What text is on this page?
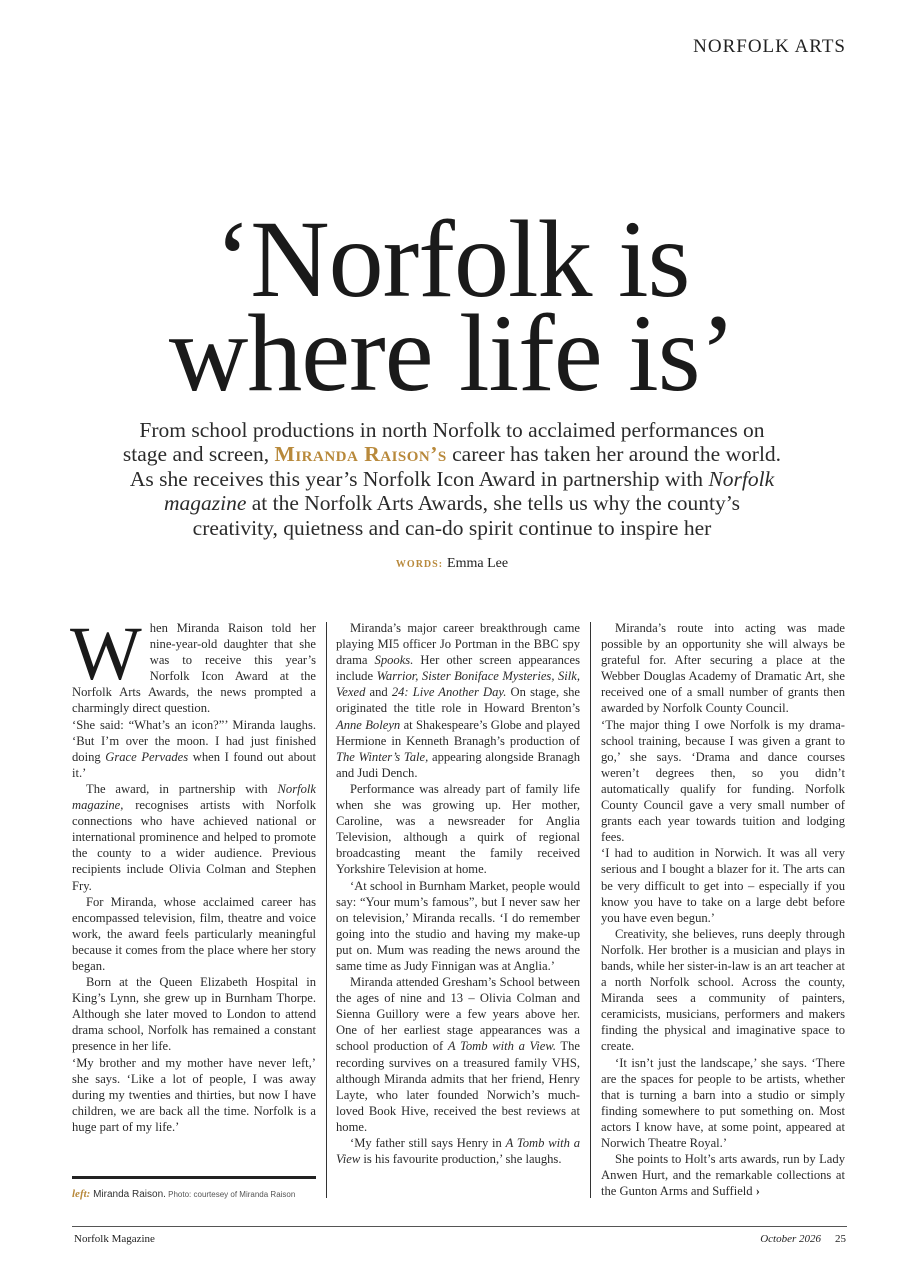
NORFOLK ARTS
‘Norfolk is
where life is’

From school productions in north Norfolk to acclaimed performances on stage and screen, Miranda Raison’s career has taken her around the world. As she receives this year’s Norfolk Icon Award in partnership with Norfolk magazine at the Norfolk Arts Awards, she tells us why the county’s creativity, quietness and can-do spirit continue to inspire her

WORDS: Emma Lee

When Miranda Raison told her nine-year-old daughter that she was to receive this year’s Norfolk Icon Award at the Norfolk Arts Awards, the news prompted a charmingly direct question.

‘She said: “What’s an icon?”’ Miranda laughs. ‘But I’m over the moon. I had just finished doing Grace Pervades when I found out about it.’

The award, in partnership with Norfolk magazine, recognises artists with Norfolk connections who have achieved national or international prominence and helped to promote the county to a wider audience. Previous recipients include Olivia Colman and Stephen Fry.

For Miranda, whose acclaimed career has encompassed television, film, theatre and voice work, the award feels particularly meaningful because it comes from the place where her story began.

Born at the Queen Elizabeth Hospital in King’s Lynn, she grew up in Burnham Thorpe. Although she later moved to London to attend drama school, Norfolk has remained a constant presence in her life.

‘My brother and my mother have never left,’ she says. ‘Like a lot of people, I was away during my twenties and thirties, but now I have children, we are back all the time. Norfolk is a huge part of my life.’

Miranda’s major career breakthrough came playing MI5 officer Jo Portman in the BBC spy drama Spooks. Her other screen appearances include Warrior, Sister Boniface Mysteries, Silk, Vexed and 24: Live Another Day. On stage, she originated the title role in Howard Brenton’s Anne Boleyn at Shakespeare’s Globe and played Hermione in Kenneth Branagh’s production of The Winter’s Tale, appearing alongside Branagh and Judi Dench.

Performance was already part of family life when she was growing up. Her mother, Caroline, was a newsreader for Anglia Television, although a quirk of regional broadcasting meant the family received Yorkshire Television at home.

‘At school in Burnham Market, people would say: “Your mum’s famous”, but I never saw her on television,’ Miranda recalls. ‘I do remember going into the studio and having my make-up put on. Mum was reading the news around the same time as Judy Finnigan was at Anglia.’

Miranda attended Gresham’s School between the ages of nine and 13 – Olivia Colman and Sienna Guillory were a few years above her. One of her earliest stage appearances was a school production of A Tomb with a View. The recording survives on a treasured family VHS, although Miranda admits that her friend, Henry Layte, who later founded Norwich’s much-loved Book Hive, received the best reviews at home.

‘My father still says Henry in A Tomb with a View is his favourite production,’ she laughs.

Miranda’s route into acting was made possible by an opportunity she will always be grateful for. After securing a place at the Webber Douglas Academy of Dramatic Art, she received one of a small number of grants then awarded by Norfolk County Council.

‘The major thing I owe Norfolk is my drama-school training, because I was given a grant to go,’ she says. ‘Drama and dance courses weren’t degrees then, so you didn’t automatically qualify for funding. Norfolk County Council gave a very small number of grants each year towards tuition and lodging fees.

‘I had to audition in Norwich. It was all very serious and I bought a blazer for it. The arts can be very difficult to get into – especially if you know you have to take on a large debt before you have even begun.’

Creativity, she believes, runs deeply through Norfolk. Her brother is a musician and plays in bands, while her sister-in-law is an art teacher at a north Norfolk school. Across the county, Miranda sees a community of painters, ceramicists, musicians, performers and makers finding the physical and imaginative space to create.

‘It isn’t just the landscape,’ she says. ‘There are the spaces for people to be artists, whether that is turning a barn into a studio or simply finding somewhere to put something on. Most actors I know have, at some point, appeared at Norwich Theatre Royal.’

She points to Holt’s arts awards, run by Lady Anwen Hurt, and the remarkable collections at the Gunton Arms and Suffield ›

left: Miranda Raison. Photo: courtesey of Miranda Raison
Norfolk Magazine	October 2026 25
